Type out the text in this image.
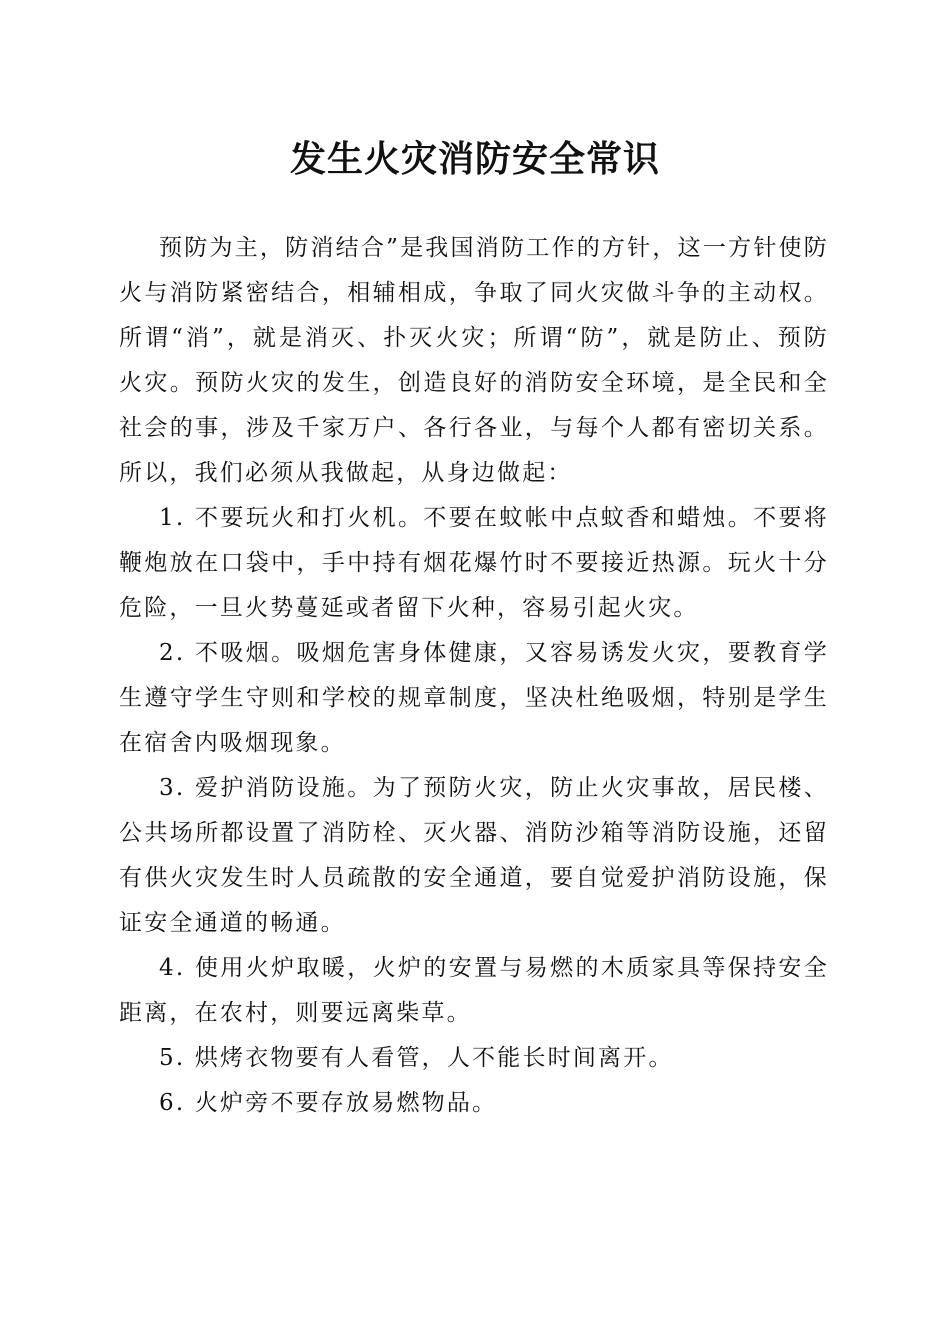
发生火灾消防安全常识

预防为主，防消结合”是我国消防工作的方针，这一方针使防火与消防紧密结合，相辅相成，争取了同火灾做斗争的主动权。所谓“消”，就是消灭、扑灭火灾；所谓“防”，就是防止、预防火灾。预防火灾的发生，创造良好的消防安全环境，是全民和全社会的事，涉及千家万户、各行各业，与每个人都有密切关系。所以，我们必须从我做起，从身边做起：

1. 不要玩火和打火机。不要在蚊帐中点蚊香和蜡烛。不要将鞭炮放在口袋中，手中持有烟花爆竹时不要接近热源。玩火十分危险，一旦火势蔓延或者留下火种，容易引起火灾。

2. 不吸烟。吸烟危害身体健康，又容易诱发火灾，要教育学生遵守学生守则和学校的规章制度，坚决杜绝吸烟，特别是学生在宿舍内吸烟现象。

3. 爱护消防设施。为了预防火灾，防止火灾事故，居民楼、公共场所都设置了消防栓、灭火器、消防沙箱等消防设施，还留有供火灾发生时人员疏散的安全通道，要自觉爱护消防设施，保证安全通道的畅通。

4. 使用火炉取暖，火炉的安置与易燃的木质家具等保持安全距离，在农村，则要远离柴草。

5. 烘烤衣物要有人看管，人不能长时间离开。

6. 火炉旁不要存放易燃物品。
